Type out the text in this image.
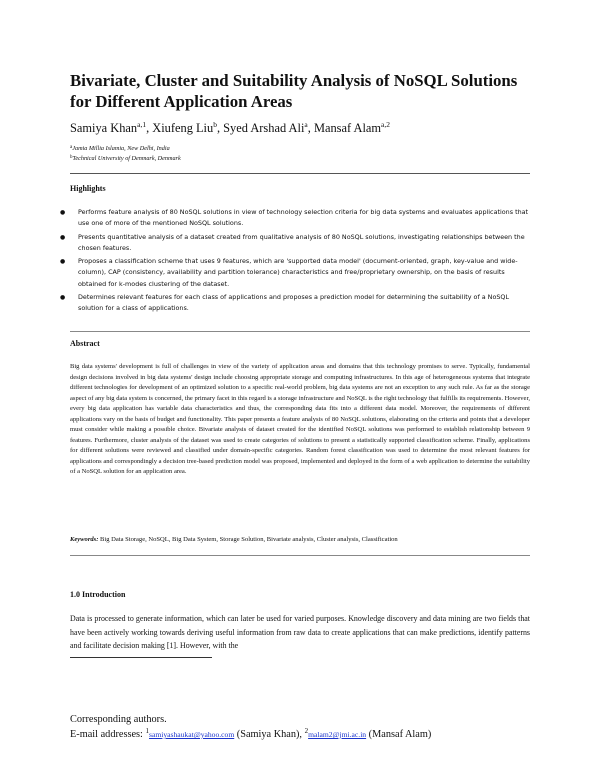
Bivariate, Cluster and Suitability Analysis of NoSQL Solutions for Different Application Areas
Samiya Khan$^{a,1}$, Xiufeng Liu$^b$, Syed Arshad Ali$^a$, Mansaf Alam$^{a,2}$
$^a$Jamia Millia Islamia, New Delhi, India
$^b$Technical University of Denmark, Denmark
Highlights
● Performs feature analysis of 80 NoSQL solutions in view of technology selection criteria for big data systems and evaluates applications that use one of more of the mentioned NoSQL solutions.
● Presents quantitative analysis of a dataset created from qualitative analysis of 80 NoSQL solutions, investigating relationships between the chosen features.
● Proposes a classification scheme that uses 9 features, which are 'supported data model' (document-oriented, graph, key-value and wide-column), CAP (consistency, availability and partition tolerance) characteristics and free/proprietary ownership, on the basis of results obtained for k-modes clustering of the dataset.
● Determines relevant features for each class of applications and proposes a prediction model for determining the suitability of a NoSQL solution for a class of applications.
Abstract

Big data systems' development is full of challenges in view of the variety of application areas and domains that this technology promises to serve. Typically, fundamental design decisions involved in big data systems' design include choosing appropriate storage and computing infrastructures. In this age of heterogeneous systems that integrate different technologies for development of an optimized solution to a specific real-world problem, big data systems are not an exception to any such rule. As far as the storage aspect of any big data system is concerned, the primary facet in this regard is a storage infrastructure and NoSQL is the right technology that fulfills its requirements. However, every big data application has variable data characteristics and thus, the corresponding data fits into a different data model. Moreover, the requirements of different applications vary on the basis of budget and functionality. This paper presents a feature analysis of 80 NoSQL solutions, elaborating on the criteria and points that a developer must consider while making a possible choice. Bivariate analysis of dataset created for the identified NoSQL solutions was performed to establish relationship between 9 features. Furthermore, cluster analysis of the dataset was used to create categories of solutions to present a statistically supported classification scheme. Finally, applications for different solutions were reviewed and classified under domain-specific categories. Random forest classification was used to determine the most relevant features for applications and correspondingly a decision tree-based prediction model was proposed, implemented and deployed in the form of a web application to determine the suitability of a NoSQL solution for an application area.

Keywords: Big Data Storage, NoSQL, Big Data System, Storage Solution, Bivariate analysis, Cluster analysis, Classification

1.0 Introduction

Data is processed to generate information, which can later be used for varied purposes. Knowledge discovery and data mining are two fields that have been actively working towards deriving useful information from raw data to create applications that can make predictions, identify patterns and facilitate decision making [1]. However, with the

Corresponding authors.
E-mail addresses: $^1$samiyashaukat@yahoo.com (Samiya Khan), $^2$malam2@jmi.ac.in (Mansaf Alam)
